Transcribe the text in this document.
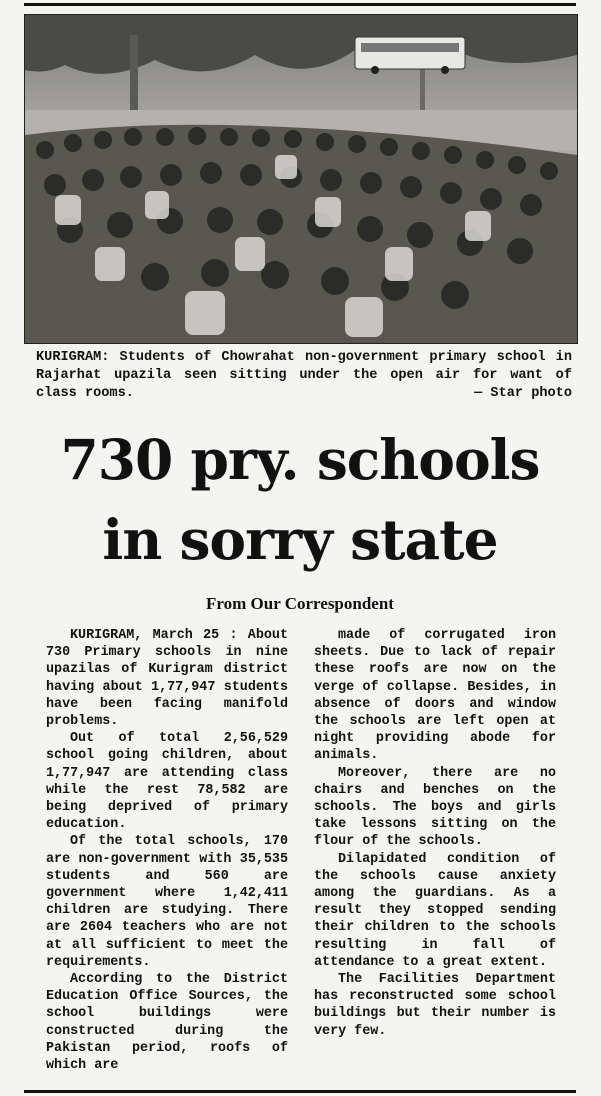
KURIGRAM: Students of Chowrahat non-government primary school in Rajarhat upazila seen sitting under the open air for want of class rooms.	— Star photo
730 pry. schools
in sorry state
From Our Correspondent

KURIGRAM, March 25 : About 730 Primary schools in nine upazilas of Kurigram district having about 1,77,947 students have been facing manifold problems.

Out of total 2,56,529 school going children, about 1,77,947 are attending class while the rest 78,582 are being deprived of primary education.

Of the total schools, 170 are non-government with 35,535 students and 560 are government where 1,42,411 children are studying. There are 2604 teachers who are not at all sufficient to meet the requirements.

According to the District Education Office Sources, the school buildings were constructed during the Pakistan period, roofs of which are

made of corrugated iron sheets. Due to lack of repair these roofs are now on the verge of collapse. Besides, in absence of doors and window the schools are left open at night providing abode for animals.

Moreover, there are no chairs and benches on the schools. The boys and girls take lessons sitting on the flour of the schools.

Dilapidated condition of the schools cause anxiety among the guardians. As a result they stopped sending their children to the schools resulting in fall of attendance to a great extent.

The Facilities Department has reconstructed some school buildings but their number is very few.
